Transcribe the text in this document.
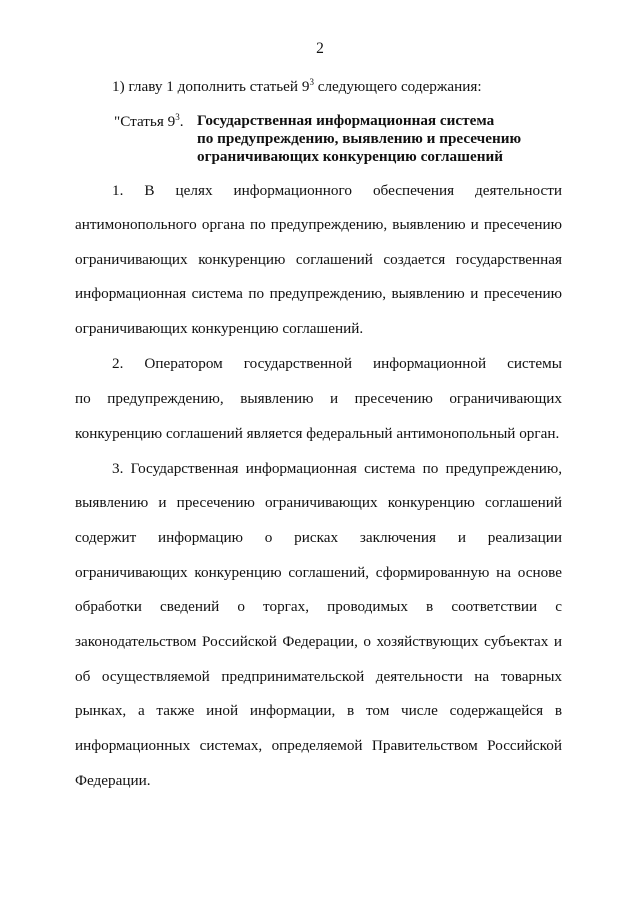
2
1) главу 1 дополнить статьей $9^3$ следующего содержания:
"Статья $9^3$. Государственная информационная система
по предупреждению, выявлению и пресечению
ограничивающих конкуренцию соглашений
1. В целях информационного обеспечения деятельности
антимонопольного органа по предупреждению, выявлению и пресечению
ограничивающих конкуренцию соглашений создается государственная
информационная система по предупреждению, выявлению и пресечению
ограничивающих конкуренцию соглашений.
2. Оператором государственной информационной системы
по предупреждению, выявлению и пресечению ограничивающих
конкуренцию соглашений является федеральный антимонопольный орган.
3. Государственная информационная система по предупреждению,
выявлению и пресечению ограничивающих конкуренцию соглашений
содержит информацию о рисках заключения и реализации
ограничивающих конкуренцию соглашений, сформированную на основе
обработки сведений о торгах, проводимых в соответствии с
законодательством Российской Федерации, о хозяйствующих субъектах и
об осуществляемой предпринимательской деятельности на товарных
рынках, а также иной информации, в том числе содержащейся в
информационных системах, определяемой Правительством Российской
Федерации.
